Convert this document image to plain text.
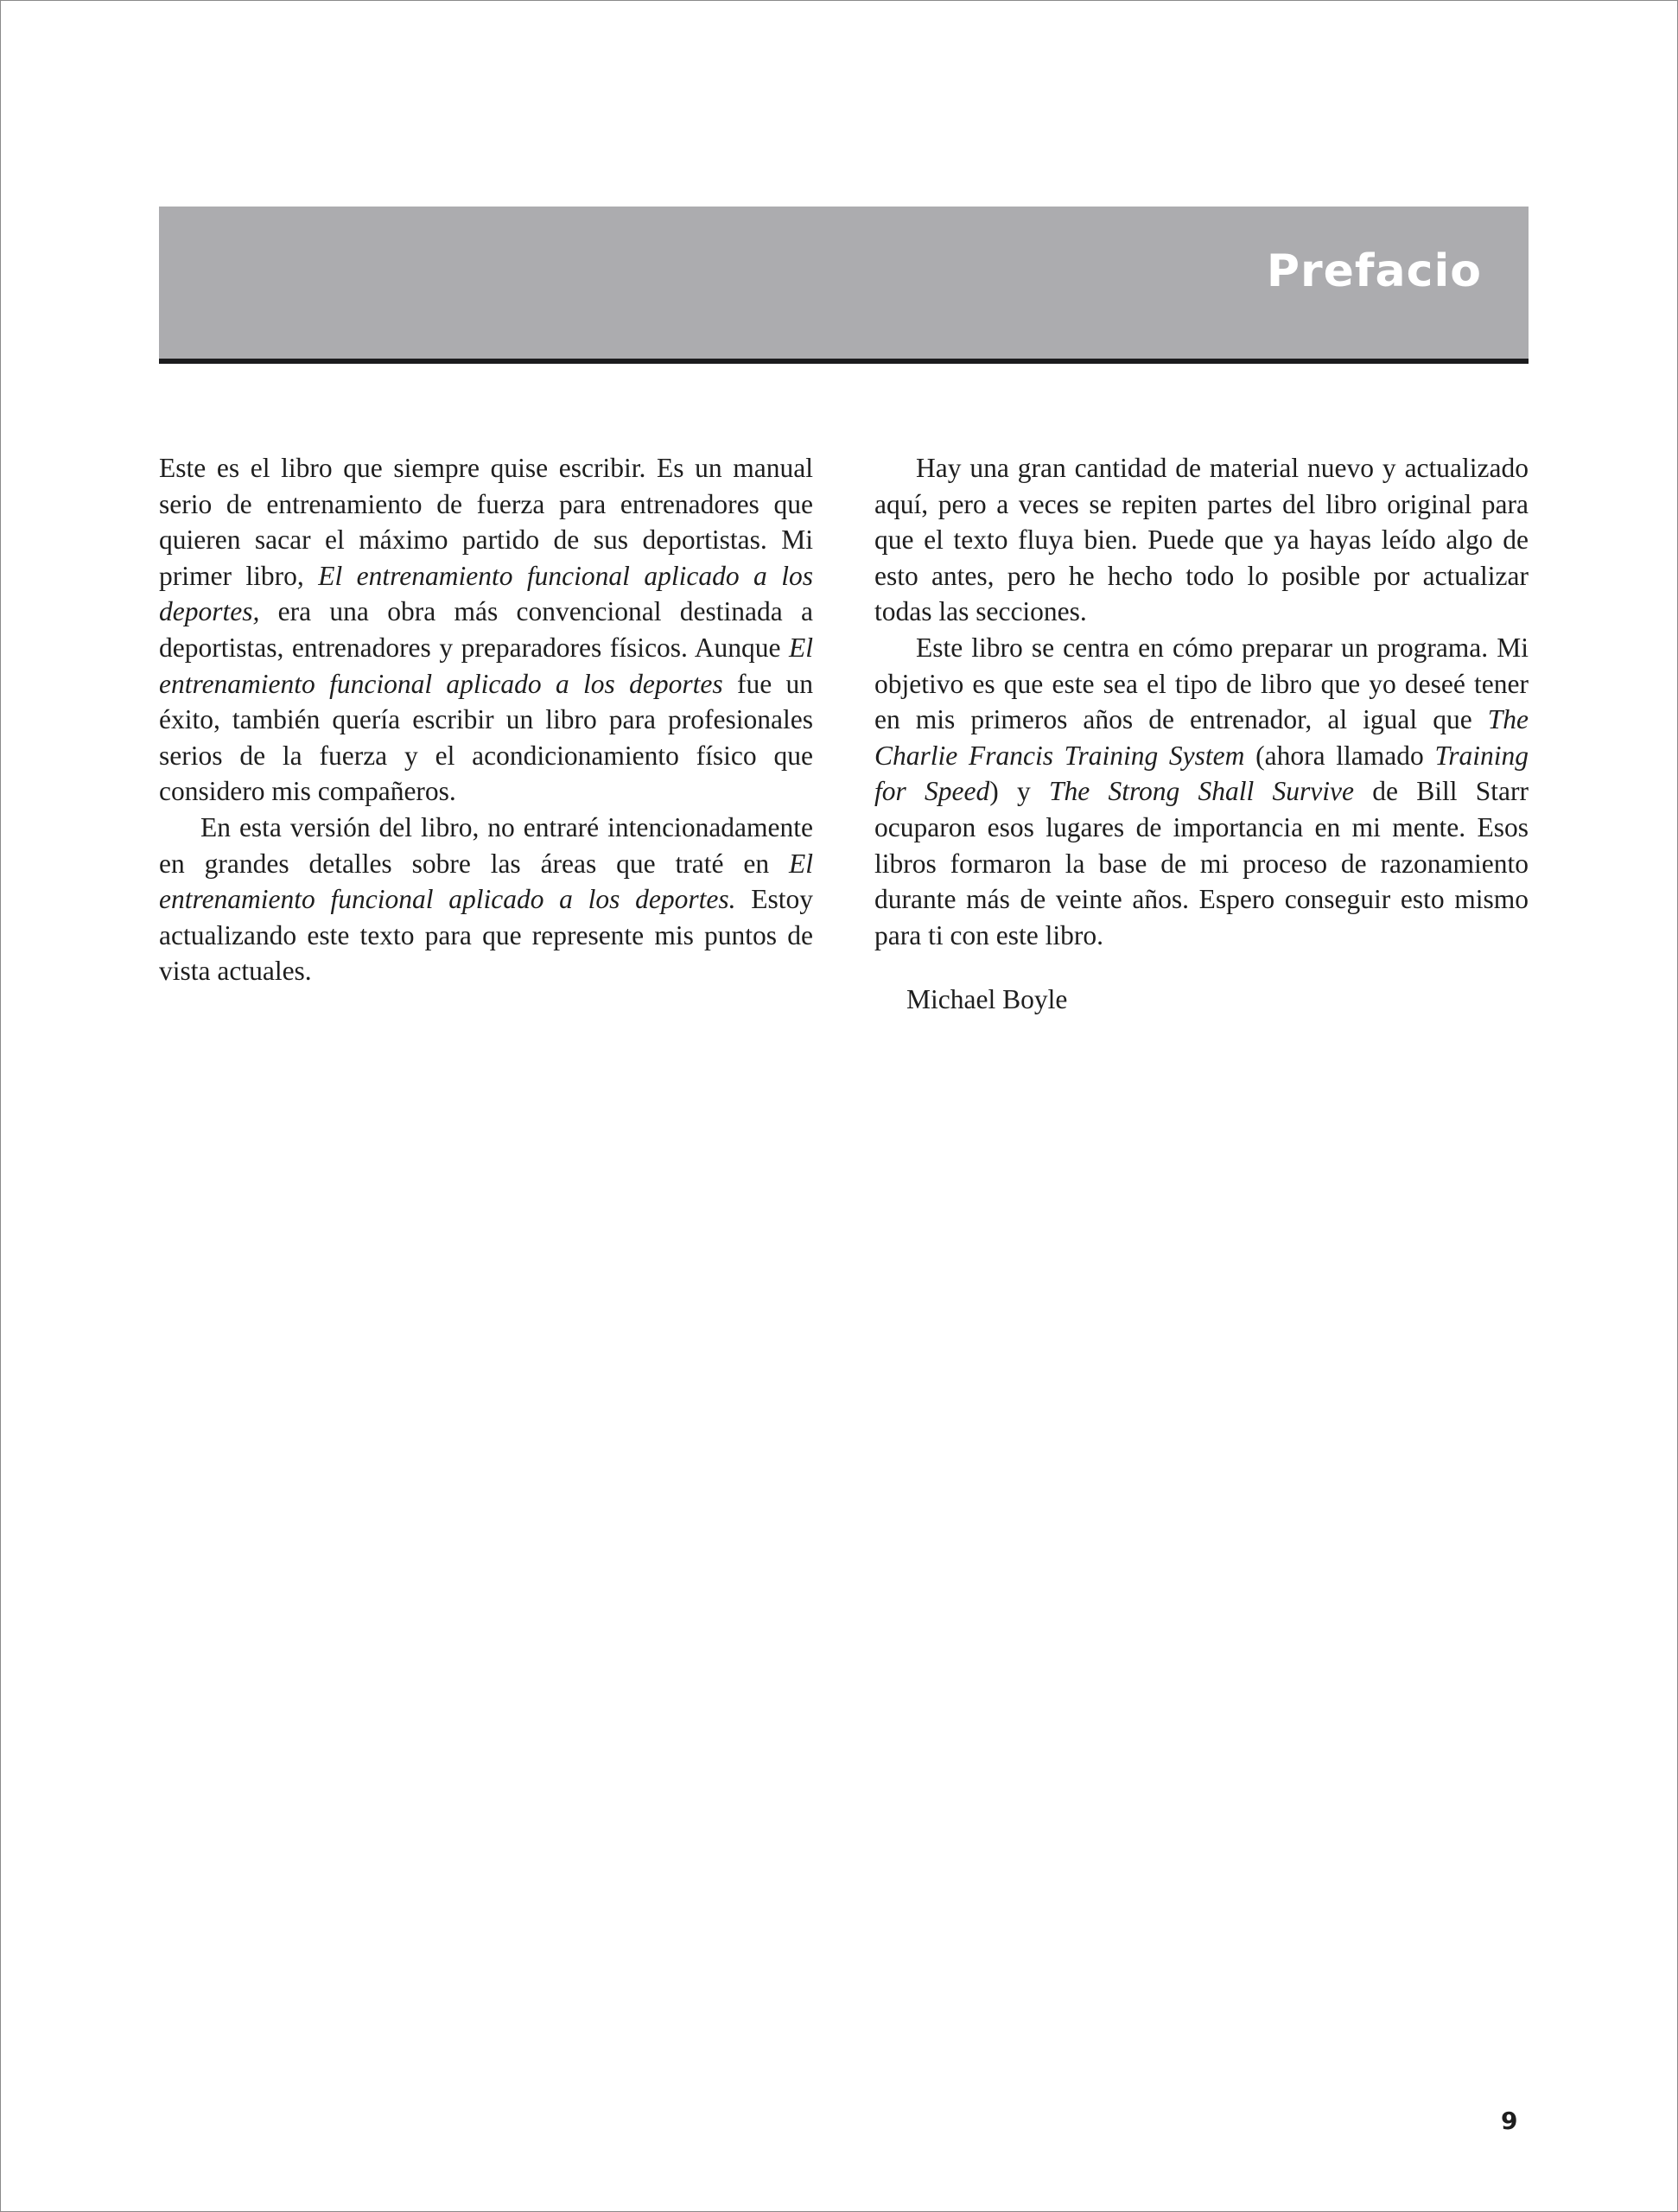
Prefacio

Este es el libro que siempre quise escribir. Es un manual serio de entrenamiento de fuerza para entrenadores que quieren sacar el máximo partido de sus deportistas. Mi primer libro, El entrenamiento funcional aplicado a los deportes, era una obra más convencional destinada a deportistas, entrenadores y preparadores físicos. Aunque El entrenamiento funcional aplicado a los deportes fue un éxito, también quería escribir un libro para profesionales serios de la fuerza y el acondicionamiento físico que considero mis compañeros.

En esta versión del libro, no entraré intencionadamente en grandes detalles sobre las áreas que traté en El entrenamiento funcional aplicado a los deportes. Estoy actualizando este texto para que represente mis puntos de vista actuales.

Hay una gran cantidad de material nuevo y actualizado aquí, pero a veces se repiten partes del libro original para que el texto fluya bien. Puede que ya hayas leído algo de esto antes, pero he hecho todo lo posible por actualizar todas las secciones.

Este libro se centra en cómo preparar un programa. Mi objetivo es que este sea el tipo de libro que yo deseé tener en mis primeros años de entrenador, al igual que The Charlie Francis Training System (ahora llamado Training for Speed) y The Strong Shall Survive de Bill Starr ocuparon esos lugares de importancia en mi mente. Esos libros formaron la base de mi proceso de razonamiento durante más de veinte años. Espero conseguir esto mismo para ti con este libro.

Michael Boyle

9
